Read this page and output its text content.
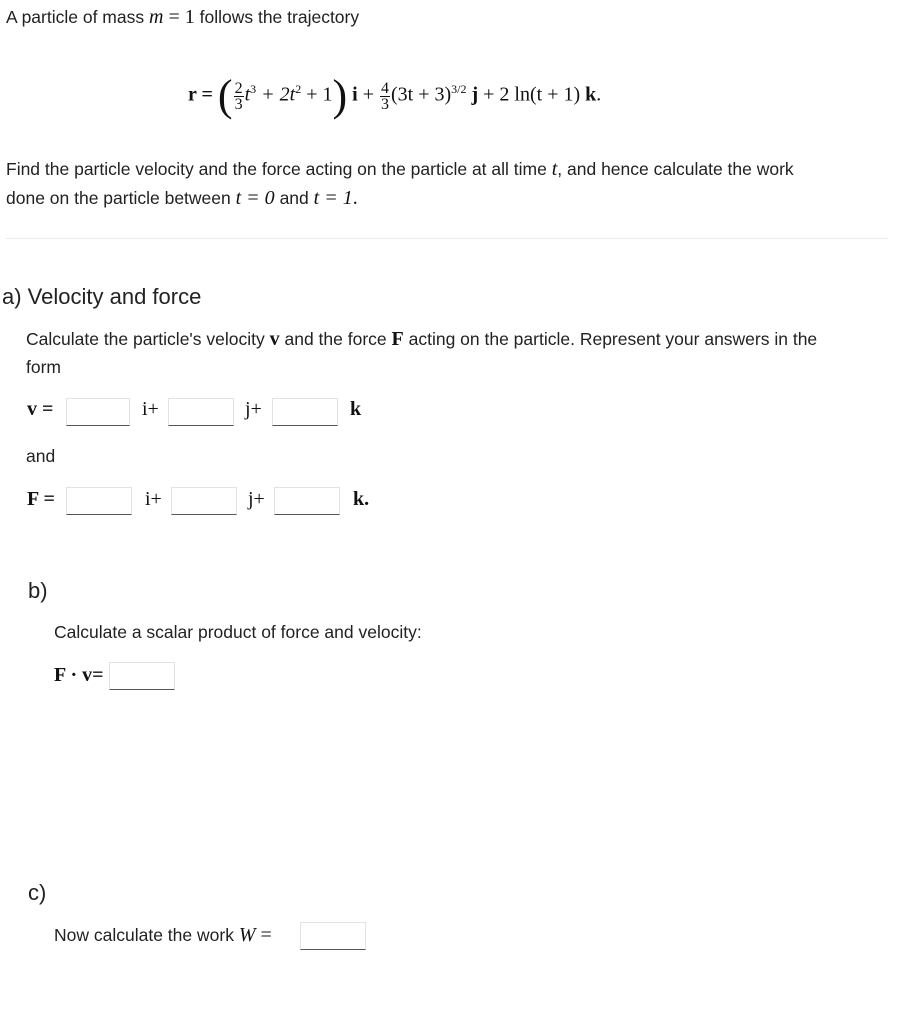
A particle of mass m = 1 follows the trajectory
r = ( $\frac{2}{3} t^3 + 2t^2 + 1$) $i + \frac{4}{3} (3t + 3)^{3/2}$ j + 2 ln(t + 1) k.
Find the particle velocity and the force acting on the particle at all time t, and hence calculate the work
done on the particle between t = 0 and t = 1.
a) Velocity and force
Calculate the particle's velocity v and the force F acting on the particle. Represent your answers in the
form
v =	i+	j+	k
and
F =	i+	j+	k.
b)
Calculate a scalar product of force and velocity:
F · v=
c)
Now calculate the work W =
